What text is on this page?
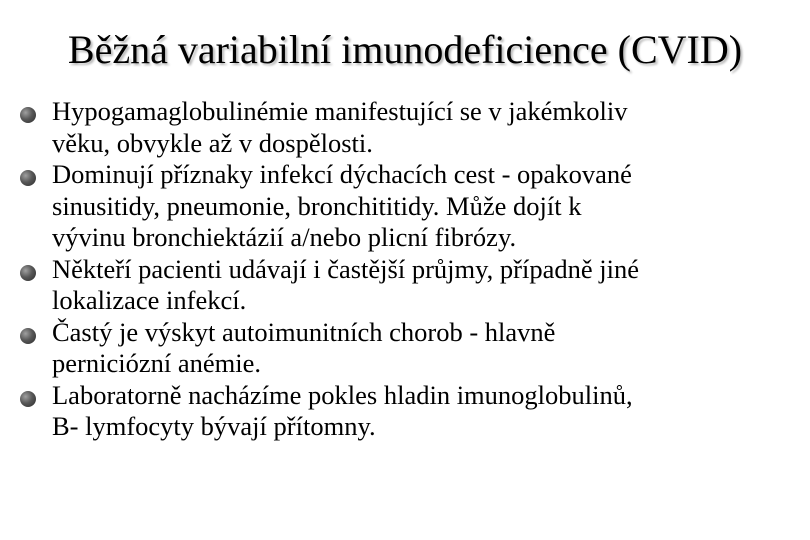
Běžná variabilní imunodeficience (CVID)
Hypogamaglobulinémie manifestující se v jakémkoliv
věku, obvykle až v dospělosti.
Dominují příznaky infekcí dýchacích cest - opakované
sinusitidy, pneumonie, bronchititidy. Může dojít k
vývinu bronchiektázií a/nebo plicní fibrózy.
Někteří pacienti udávají i častější průjmy, případně jiné
lokalizace infekcí.
Častý je výskyt autoimunitních chorob - hlavně
perniciózní anémie.
Laboratorně nacházíme pokles hladin imunoglobulinů,
B- lymfocyty bývají přítomny.
